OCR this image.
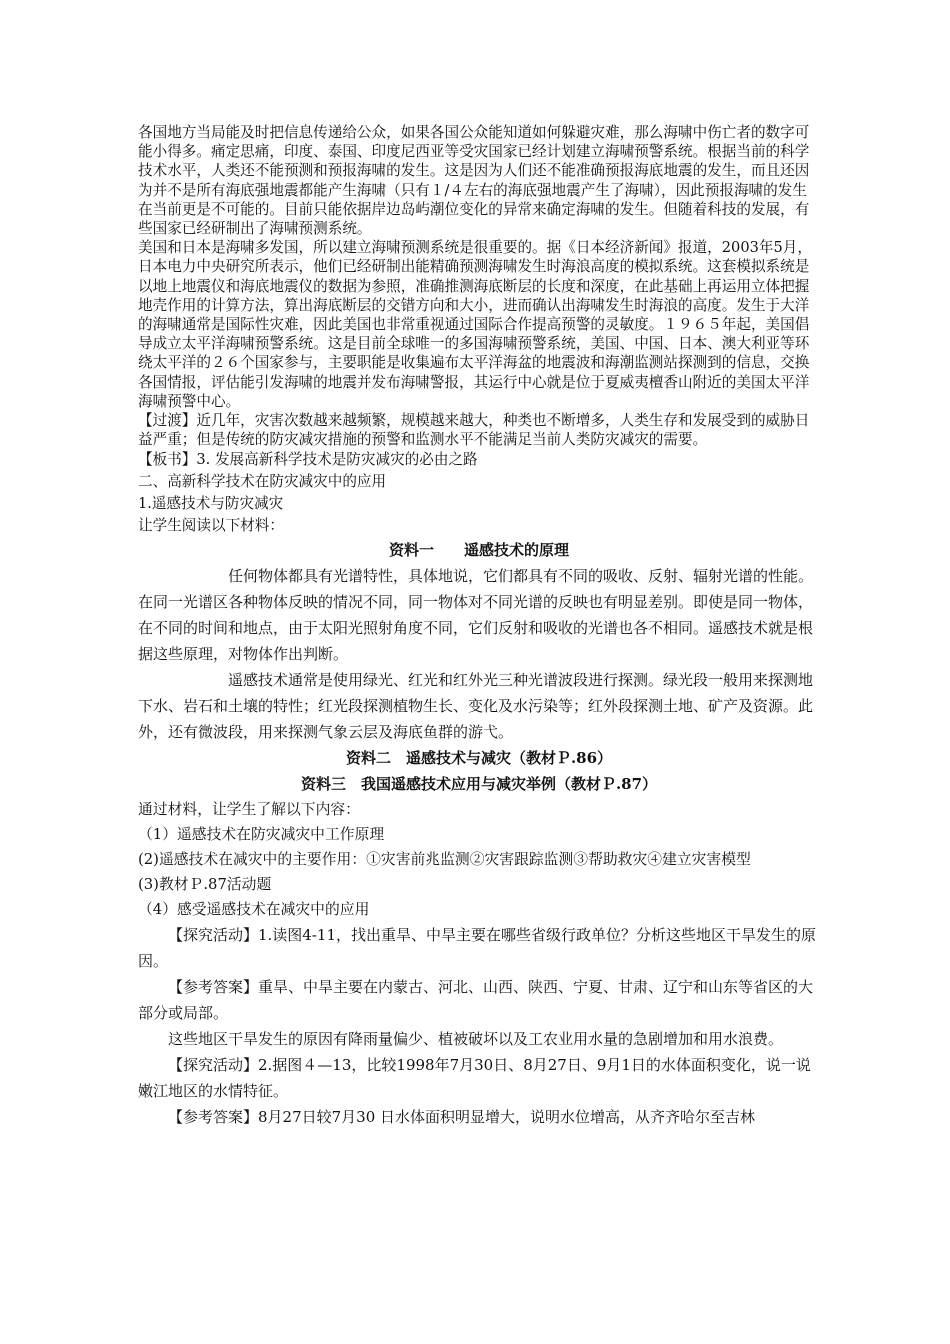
各国地方当局能及时把信息传递给公众，如果各国公众能知道如何躲避灾难，那么海啸中伤亡者的数字可能小得多。痛定思痛，印度、泰国、印度尼西亚等受灾国家已经计划建立海啸预警系统。根据当前的科学技术水平，人类还不能预测和预报海啸的发生。这是因为人们还不能准确预报海底地震的发生，而且还因为并不是所有海底强地震都能产生海啸（只有１/４左右的海底强地震产生了海啸），因此预报海啸的发生在当前更是不可能的。目前只能依据岸边岛屿潮位变化的异常来确定海啸的发生。但随着科技的发展，有些国家已经研制出了海啸预测系统。

美国和日本是海啸多发国，所以建立海啸预测系统是很重要的。据《日本经济新闻》报道，2003年5月，日本电力中央研究所表示，他们已经研制出能精确预测海啸发生时海浪高度的模拟系统。这套模拟系统是以地上地震仪和海底地震仪的数据为参照，准确推测海底断层的长度和深度，在此基础上再运用立体把握地壳作用的计算方法，算出海底断层的交错方向和大小，进而确认出海啸发生时海浪的高度。发生于大洋的海啸通常是国际性灾难，因此美国也非常重视通过国际合作提高预警的灵敏度。１９６５年起，美国倡导成立太平洋海啸预警系统。这是目前全球唯一的多国海啸预警系统，美国、中国、日本、澳大利亚等环绕太平洋的２６个国家参与，主要职能是收集遍布太平洋海盆的地震波和海潮监测站探测到的信息，交换各国情报，评估能引发海啸的地震并发布海啸警报，其运行中心就是位于夏威夷檀香山附近的美国太平洋海啸预警中心。

【过渡】近几年，灾害次数越来越频繁，规模越来越大，种类也不断增多，人类生存和发展受到的威胁日益严重；但是传统的防灾减灾措施的预警和监测水平不能满足当前人类防灾减灾的需要。

【板书】3. 发展高新科学技术是防灾减灾的必由之路

二、高新科学技术在防灾减灾中的应用

1.遥感技术与防灾减灾

让学生阅读以下材料：

资料一　　遥感技术的原理

任何物体都具有光谱特性，具体地说，它们都具有不同的吸收、反射、辐射光谱的性能。在同一光谱区各种物体反映的情况不同，同一物体对不同光谱的反映也有明显差别。即使是同一物体，在不同的时间和地点，由于太阳光照射角度不同，它们反射和吸收的光谱也各不相同。遥感技术就是根据这些原理，对物体作出判断。

遥感技术通常是使用绿光、红光和红外光三种光谱波段进行探测。绿光段一般用来探测地下水、岩石和土壤的特性；红光段探测植物生长、变化及水污染等；红外段探测土地、矿产及资源。此外，还有微波段，用来探测气象云层及海底鱼群的游弋。

资料二　遥感技术与减灾（教材Ｐ.86）

资料三　我国遥感技术应用与减灾举例（教材Ｐ.87）

通过材料，让学生了解以下内容：

（1）遥感技术在防灾减灾中工作原理

(2)遥感技术在减灾中的主要作用：①灾害前兆监测②灾害跟踪监测③帮助救灾④建立灾害模型

(3)教材Ｐ.87活动题

（4）感受遥感技术在减灾中的应用

【探究活动】1.读图4-11，找出重旱、中旱主要在哪些省级行政单位？分析这些地区干旱发生的原因。

【参考答案】重旱、中旱主要在内蒙古、河北、山西、陕西、宁夏、甘肃、辽宁和山东等省区的大部分或局部。

这些地区干旱发生的原因有降雨量偏少、植被破坏以及工农业用水量的急剧增加和用水浪费。

【探究活动】2.据图４—13，比较1998年7月30日、8月27日、9月1日的水体面积变化，说一说嫩江地区的水情特征。

【参考答案】8月27日较7月30 日水体面积明显增大，说明水位增高，从齐齐哈尔至吉林
